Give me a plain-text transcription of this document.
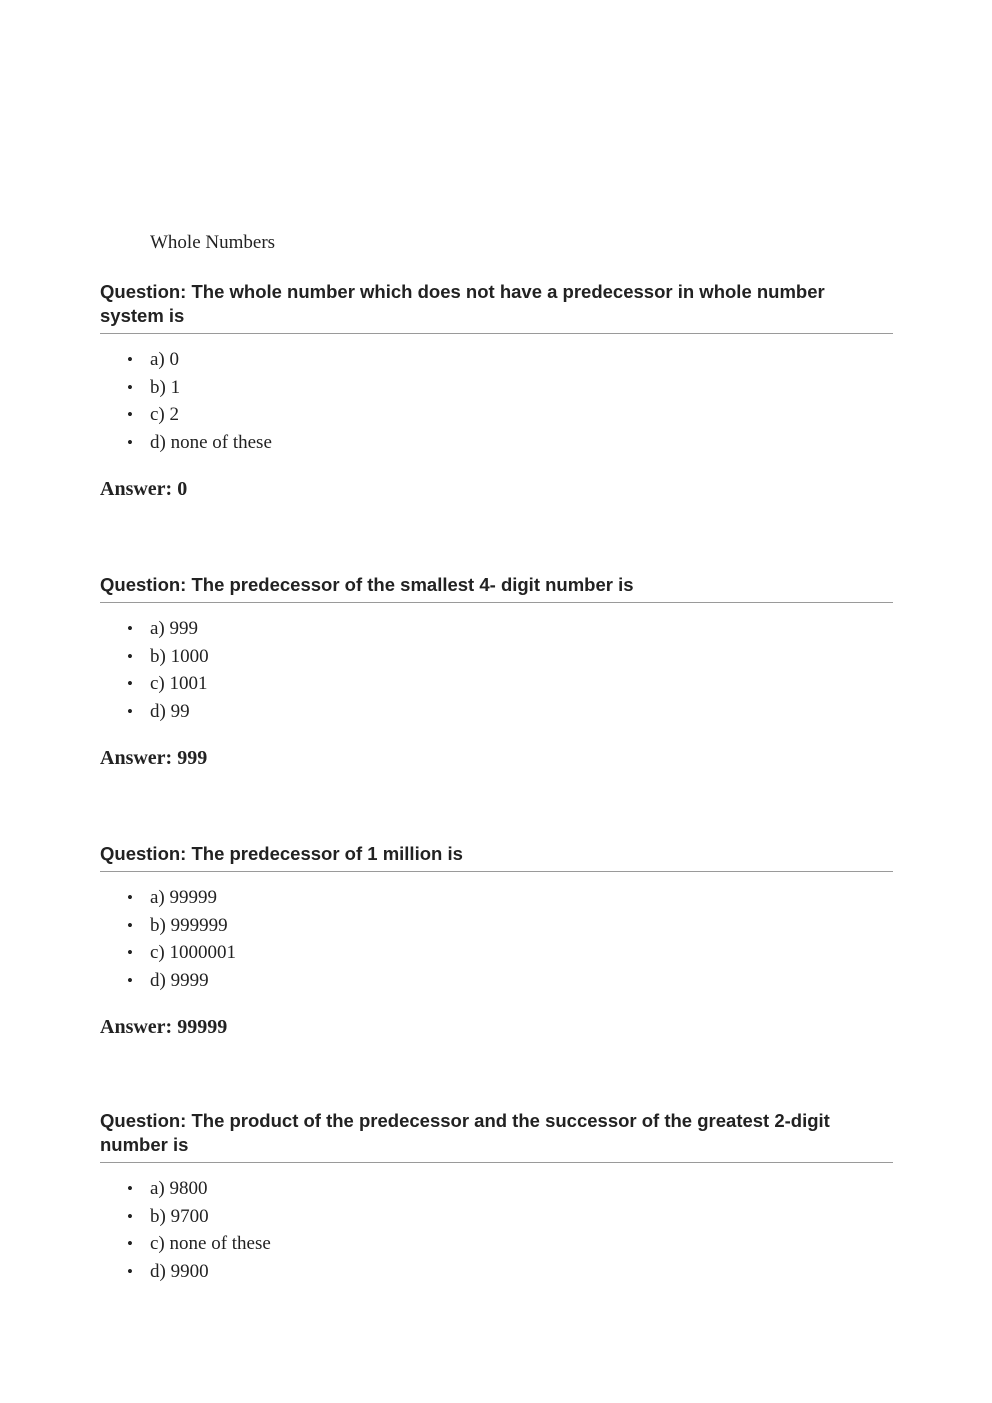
Whole Numbers

Question: The whole number which does not have a predecessor in whole number system is

• a) 0
• b) 1
• c) 2
• d) none of these

Answer: 0

Question: The predecessor of the smallest 4- digit number is

• a) 999
• b) 1000
• c) 1001
• d) 99

Answer: 999

Question: The predecessor of 1 million is

• a) 99999
• b) 999999
• c) 1000001
• d) 9999

Answer: 99999

Question: The product of the predecessor and the successor of the greatest 2-digit number is

• a) 9800
• b) 9700
• c) none of these
• d) 9900
